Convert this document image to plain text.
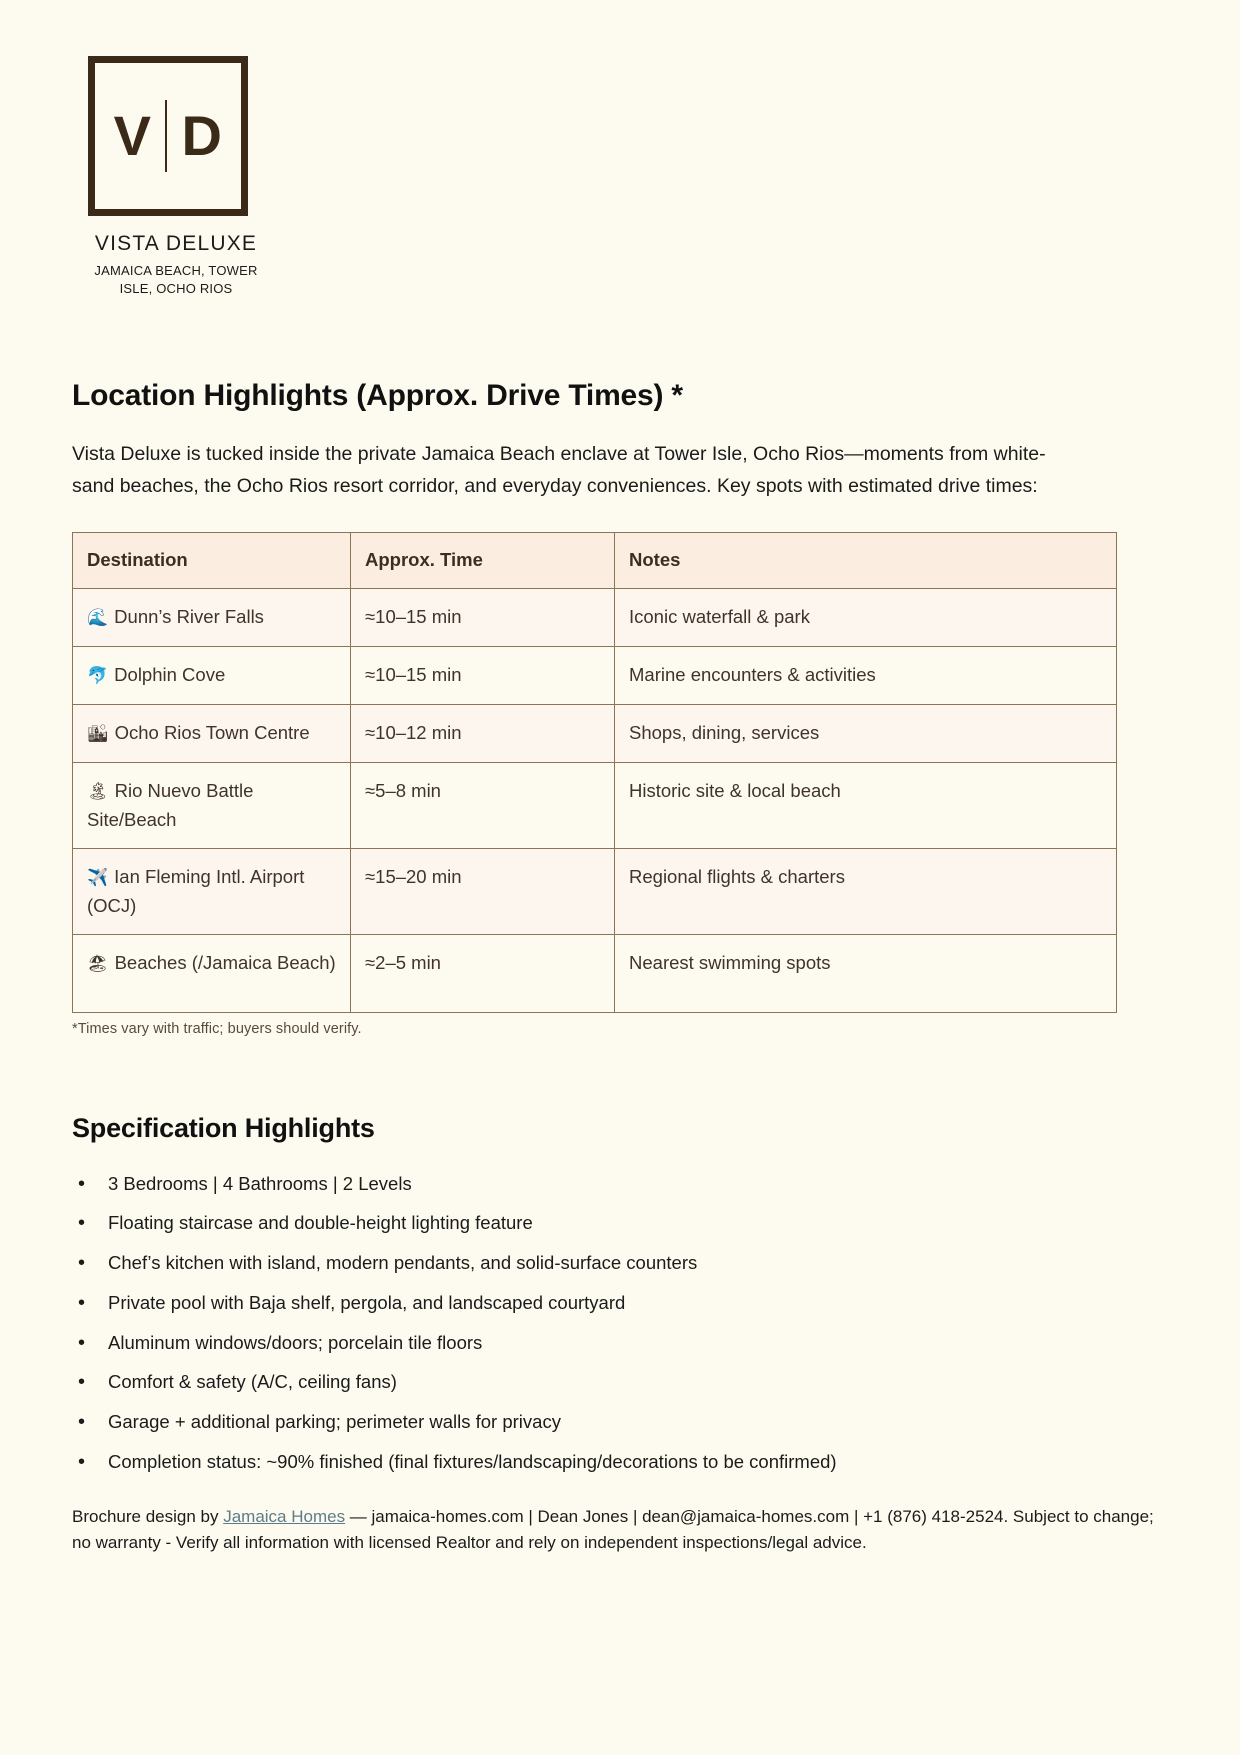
V D
VISTA DELUXE
JAMAICA BEACH, TOWER
ISLE, OCHO RIOS
Location Highlights (Approx. Drive Times) *

Vista Deluxe is tucked inside the private Jamaica Beach enclave at Tower Isle, Ocho Rios—moments from white-sand beaches, the Ocho Rios resort corridor, and everyday conveniences. Key spots with estimated drive times:

Destination	Approx. Time	Notes
🌊 Dunn’s River Falls	≈10–15 min	Iconic waterfall & park
🐬 Dolphin Cove	≈10–15 min	Marine encounters & activities
🏙 Ocho Rios Town Centre	≈10–12 min	Shops, dining, services
🏝 Rio Nuevo Battle Site/Beach	≈5–8 min	Historic site & local beach
✈️ Ian Fleming Intl. Airport (OCJ)	≈15–20 min	Regional flights & charters
🏖 Beaches (/Jamaica Beach)	≈2–5 min	Nearest swimming spots
*Times vary with traffic; buyers should verify.
Specification Highlights
• 3 Bedrooms | 4 Bathrooms | 2 Levels
• Floating staircase and double-height lighting feature
• Chef’s kitchen with island, modern pendants, and solid-surface counters
• Private pool with Baja shelf, pergola, and landscaped courtyard
• Aluminum windows/doors; porcelain tile floors
• Comfort & safety (A/C, ceiling fans)
• Garage + additional parking; perimeter walls for privacy
• Completion status: ~90% finished (final fixtures/landscaping/decorations to be confirmed)
Brochure design by Jamaica Homes — jamaica-homes.com | Dean Jones | dean@jamaica-homes.com | +1 (876) 418-2524. Subject to change; no warranty - Verify all information with licensed Realtor and rely on independent inspections/legal advice.
